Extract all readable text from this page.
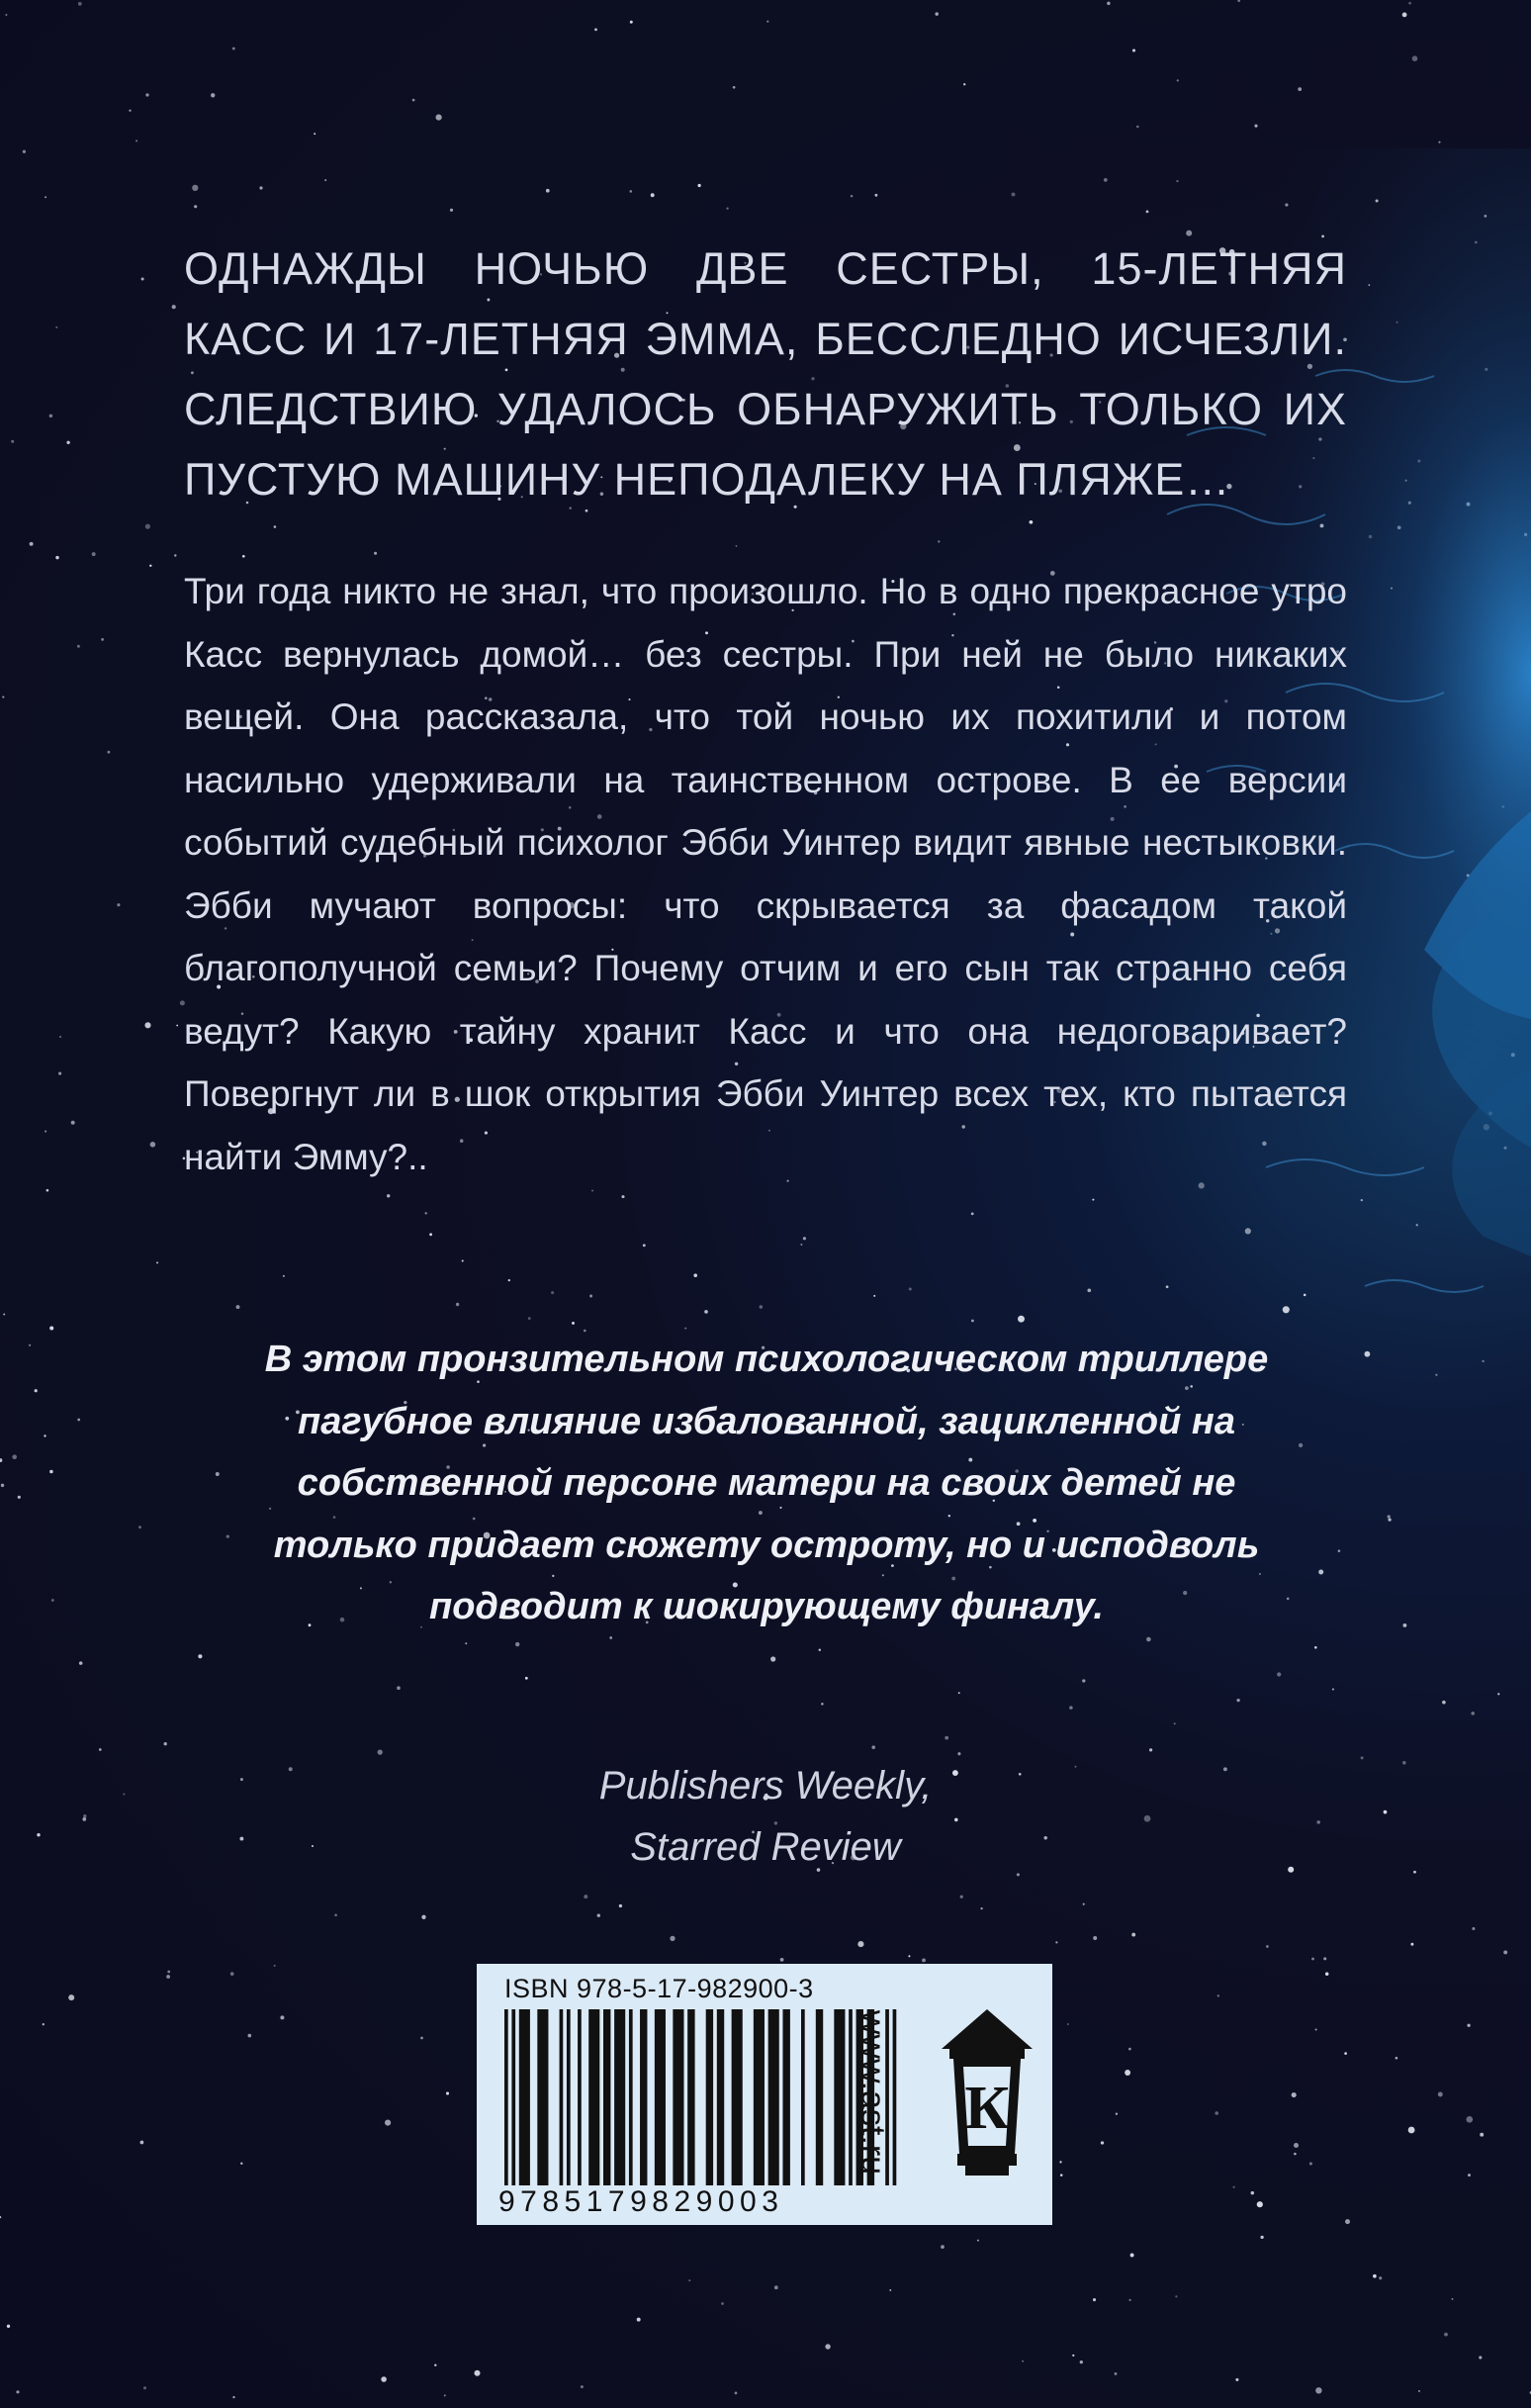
ОДНАЖДЫ НОЧЬЮ ДВЕ СЕСТРЫ, 15-ЛЕТНЯЯ КАСС И 17-ЛЕТНЯЯ ЭММА, БЕССЛЕДНО ИСЧЕЗЛИ. СЛЕДСТВИЮ УДАЛОСЬ ОБНАРУЖИТЬ ТОЛЬКО ИХ ПУСТУЮ МАШИНУ НЕПОДАЛЕКУ НА ПЛЯЖЕ…
Три года никто не знал, что произошло. Но в одно прекрасное утро Касс вернулась домой… без сестры. При ней не было никаких вещей. Она рассказала, что той ночью их похитили и потом насильно удерживали на таинственном острове. В ее версии событий судебный психолог Эбби Уинтер видит явные нестыковки. Эбби мучают вопросы: что скрывается за фасадом такой благополучной семьи? Почему отчим и его сын так странно себя ведут? Какую тайну хранит Касс и что она недоговаривает? Повергнут ли в шок открытия Эбби Уинтер всех тех, кто пытается найти Эмму?..
В этом пронзительном психологическом триллере пагубное влияние избалованной, зацикленной на собственной персоне матери на своих детей не только придает сюжету остроту, но и исподволь подводит к шокирующему финалу.
Publishers Weekly,
Starred Review
ISBN 978-5-17-982900-3
9785179829003
www.ast.ru К
